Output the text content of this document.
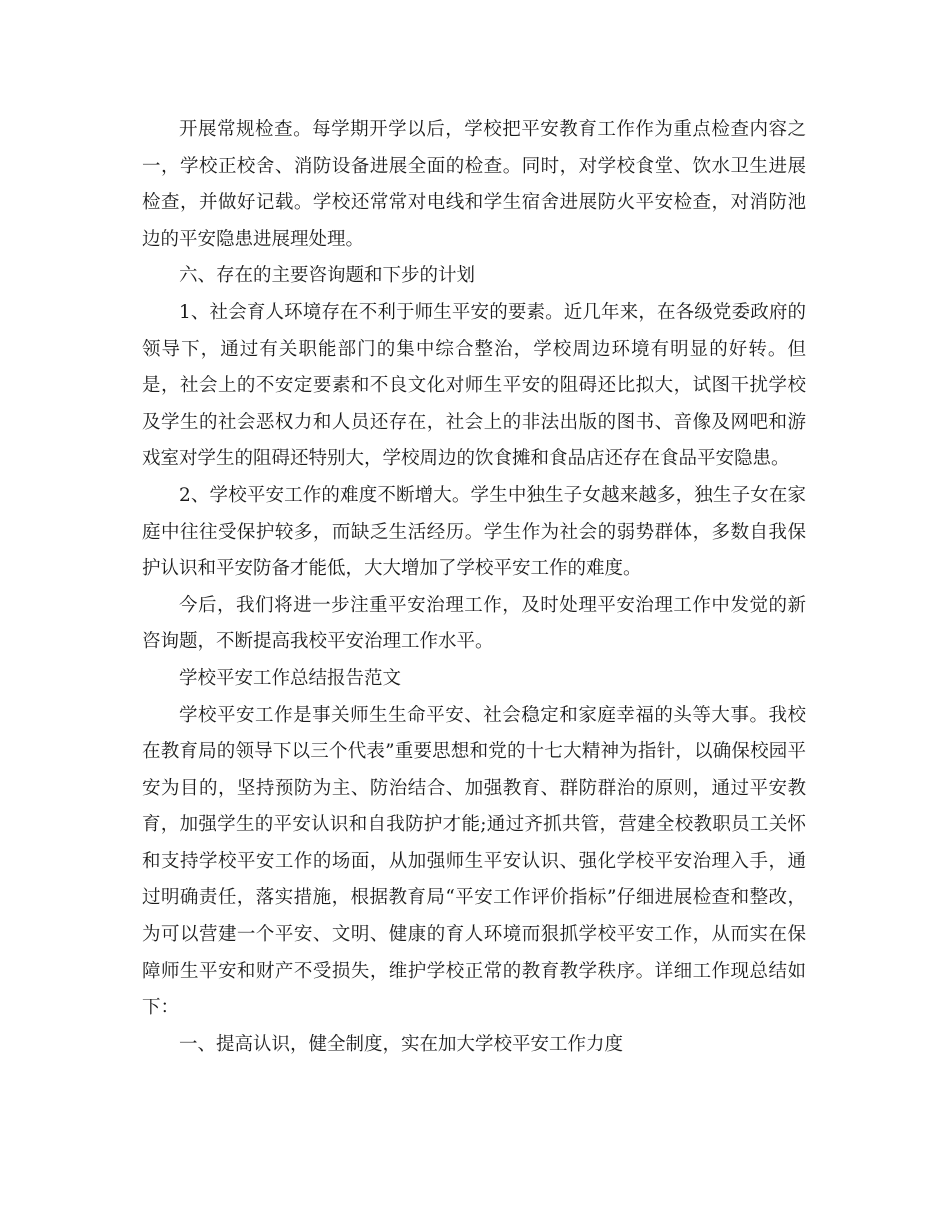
开展常规检查。每学期开学以后，学校把平安教育工作作为重点检查内容之一，学校正校舍、消防设备进展全面的检查。同时，对学校食堂、饮水卫生进展检查，并做好记载。学校还常常对电线和学生宿舍进展防火平安检查，对消防池边的平安隐患进展理处理。

六、存在的主要咨询题和下步的计划

1、社会育人环境存在不利于师生平安的要素。近几年来，在各级党委政府的领导下，通过有关职能部门的集中综合整治，学校周边环境有明显的好转。但是，社会上的不安定要素和不良文化对师生平安的阻碍还比拟大，试图干扰学校及学生的社会恶权力和人员还存在，社会上的非法出版的图书、音像及网吧和游戏室对学生的阻碍还特别大，学校周边的饮食摊和食品店还存在食品平安隐患。

2、学校平安工作的难度不断增大。学生中独生子女越来越多，独生子女在家庭中往往受保护较多，而缺乏生活经历。学生作为社会的弱势群体，多数自我保护认识和平安防备才能低，大大增加了学校平安工作的难度。

今后，我们将进一步注重平安治理工作，及时处理平安治理工作中发觉的新咨询题，不断提高我校平安治理工作水平。

学校平安工作总结报告范文

学校平安工作是事关师生生命平安、社会稳定和家庭幸福的头等大事。我校在教育局的领导下以三个代表”重要思想和党的十七大精神为指针，以确保校园平安为目的，坚持预防为主、防治结合、加强教育、群防群治的原则，通过平安教育，加强学生的平安认识和自我防护才能;通过齐抓共管，营建全校教职员工关怀和支持学校平安工作的场面，从加强师生平安认识、强化学校平安治理入手，通过明确责任，落实措施，根据教育局“平安工作评价指标”仔细进展检查和整改，为可以营建一个平安、文明、健康的育人环境而狠抓学校平安工作，从而实在保障师生平安和财产不受损失，维护学校正常的教育教学秩序。详细工作现总结如下：

一、提高认识，健全制度，实在加大学校平安工作力度
